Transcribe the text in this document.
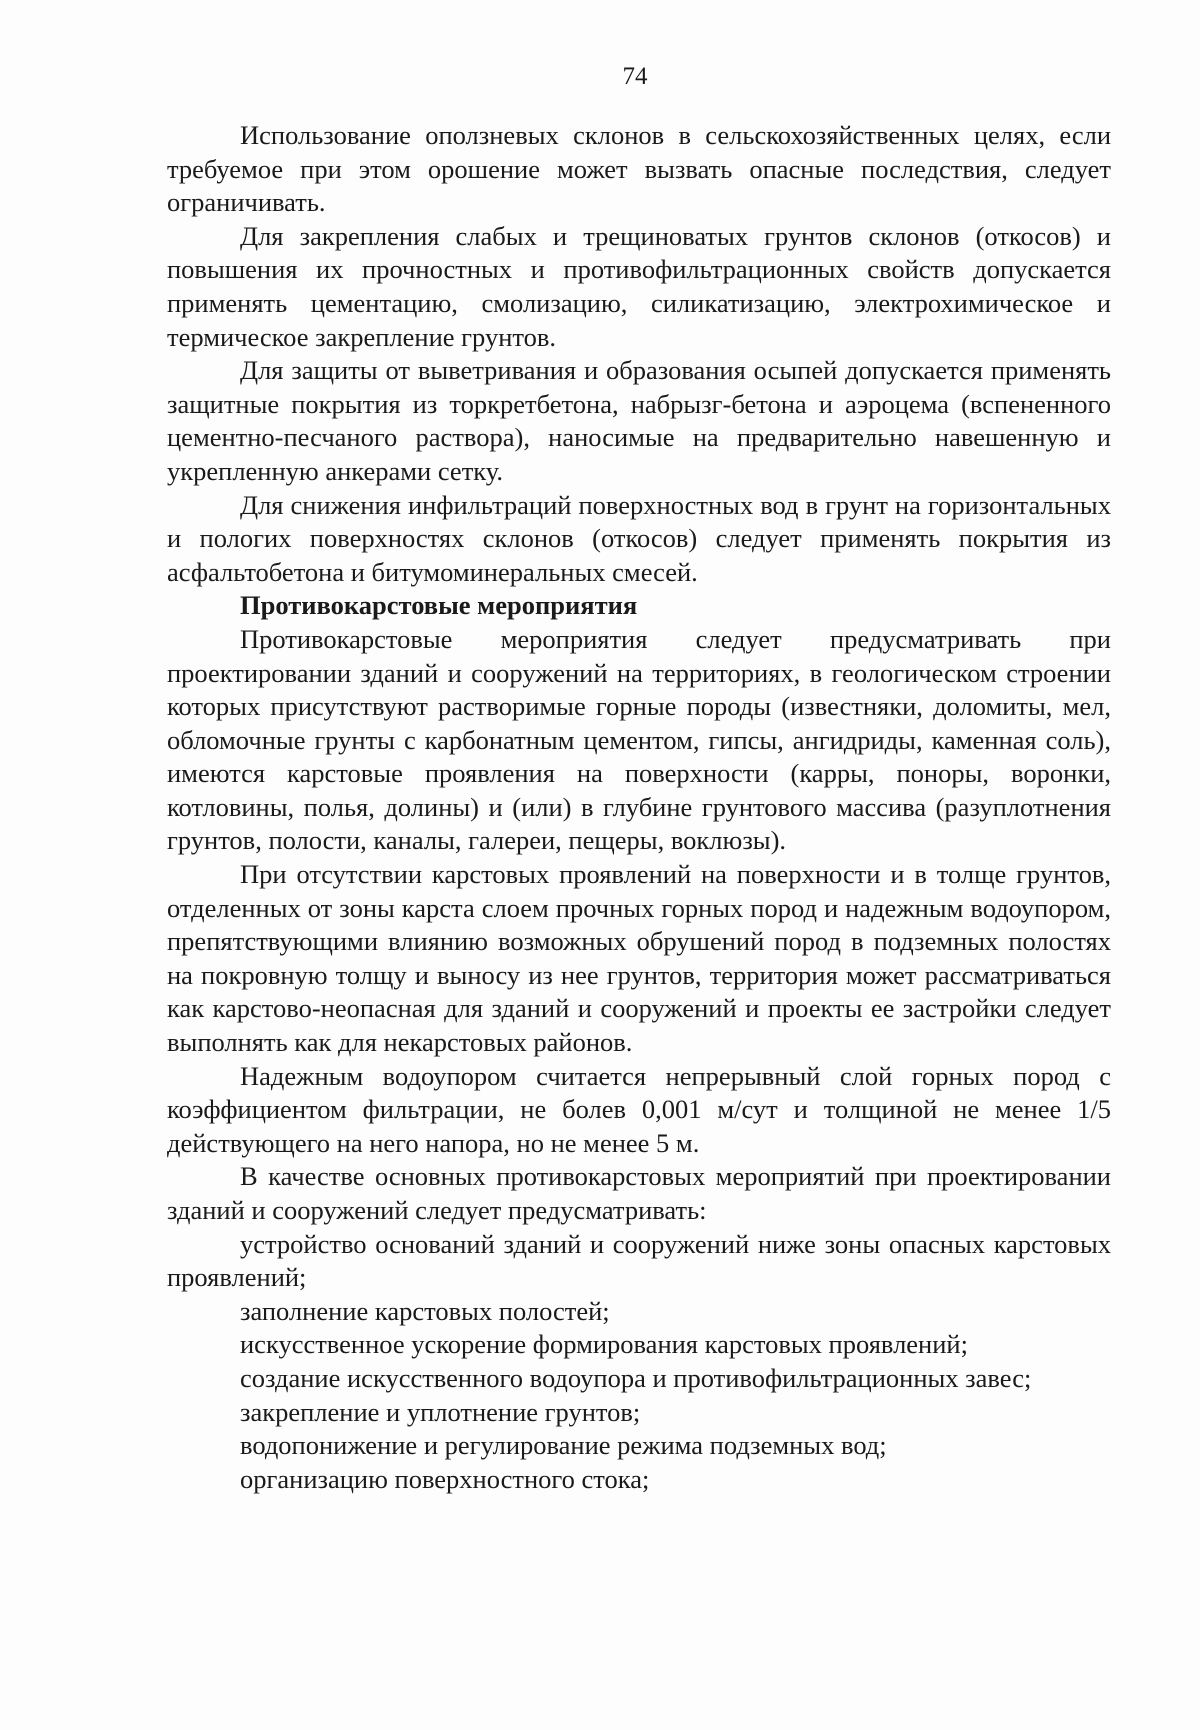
74

Использование оползневых склонов в сельскохозяйственных целях, если требуемое при этом орошение может вызвать опасные последствия, следует ограничивать.

Для закрепления слабых и трещиноватых грунтов склонов (откосов) и повышения их прочностных и противофильтрационных свойств допускается применять цементацию, смолизацию, силикатизацию, электрохимическое и термическое закрепление грунтов.

Для защиты от выветривания и образования осыпей допускается применять защитные покрытия из торкретбетона, набрызг-бетона и аэроцема (вспененного цементно-песчаного раствора), наносимые на предварительно навешенную и укрепленную анкерами сетку.

Для снижения инфильтраций поверхностных вод в грунт на горизонтальных и пологих поверхностях склонов (откосов) следует применять покрытия из асфальтобетона и битумоминеральных смесей.

Противокарстовые мероприятия

Противокарстовые мероприятия следует предусматривать при проектировании зданий и сооружений на территориях, в геологическом строении которых присутствуют растворимые горные породы (известняки, доломиты, мел, обломочные грунты с карбонатным цементом, гипсы, ангидриды, каменная соль), имеются карстовые проявления на поверхности (карры, поноры, воронки, котловины, полья, долины) и (или) в глубине грунтового массива (разуплотнения грунтов, полости, каналы, галереи, пещеры, воклюзы).

При отсутствии карстовых проявлений на поверхности и в толще грунтов, отделенных от зоны карста слоем прочных горных пород и надежным водоупором, препятствующими влиянию возможных обрушений пород в подземных полостях на покровную толщу и выносу из нее грунтов, территория может рассматриваться как карстово-неопасная для зданий и сооружений и проекты ее застройки следует выполнять как для некарстовых районов.

Надежным водоупором считается непрерывный слой горных пород с коэффициентом фильтрации, не болев 0,001 м/сут и толщиной не менее 1/5 действующего на него напора, но не менее 5 м.

В качестве основных противокарстовых мероприятий при проектировании зданий и сооружений следует предусматривать:

устройство оснований зданий и сооружений ниже зоны опасных карстовых проявлений;

заполнение карстовых полостей;

искусственное ускорение формирования карстовых проявлений;

создание искусственного водоупора и противофильтрационных завес;

закрепление и уплотнение грунтов;

водопонижение и регулирование режима подземных вод;

организацию поверхностного стока;
